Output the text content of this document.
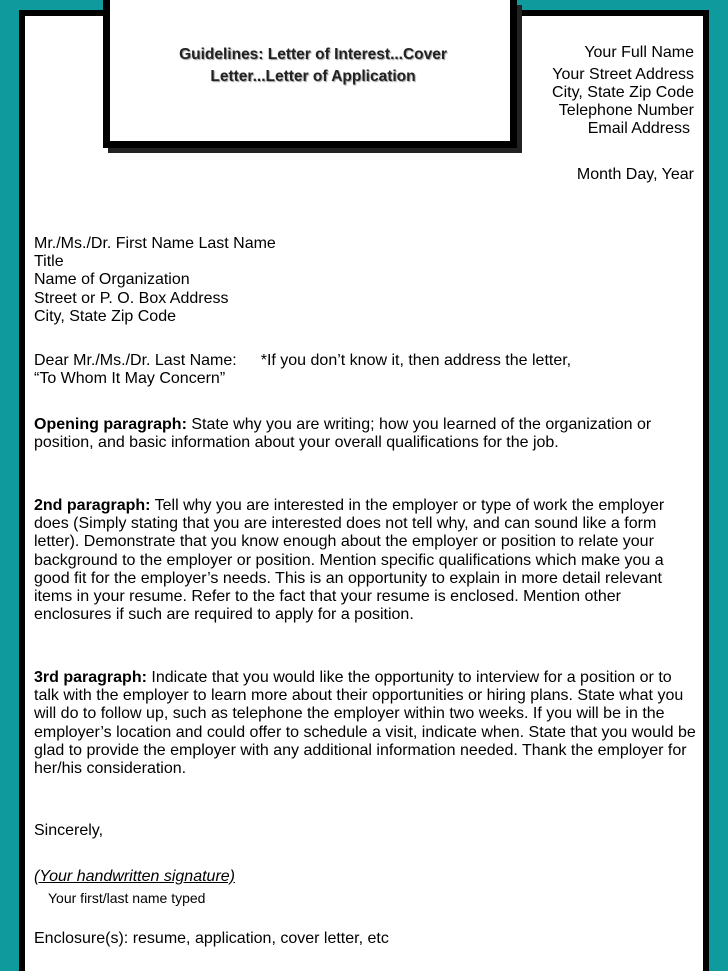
Guidelines: Letter of Interest...Cover Letter...Letter of Application
Your Full Name
Your Street Address
City, State Zip Code
Telephone Number
Email Address
Month Day, Year
Mr./Ms./Dr. First Name Last Name
Title
Name of Organization
Street or P. O. Box Address
City, State Zip Code
Dear Mr./Ms./Dr. Last Name: *If you don’t know it, then address the letter,
“To Whom It May Concern”

Opening paragraph: State why you are writing; how you learned of the organization or position, and basic information about your overall qualifications for the job.

2nd paragraph: Tell why you are interested in the employer or type of work the employer does (Simply stating that you are interested does not tell why, and can sound like a form letter). Demonstrate that you know enough about the employer or position to relate your background to the employer or position. Mention specific qualifications which make you a good fit for the employer’s needs. This is an opportunity to explain in more detail relevant items in your resume. Refer to the fact that your resume is enclosed. Mention other enclosures if such are required to apply for a position.

3rd paragraph: Indicate that you would like the opportunity to interview for a position or to talk with the employer to learn more about their opportunities or hiring plans. State what you will do to follow up, such as telephone the employer within two weeks. If you will be in the employer’s location and could offer to schedule a visit, indicate when. State that you would be glad to provide the employer with any additional information needed. Thank the employer for her/his consideration.

Sincerely,
(Your handwritten signature)
Your first/last name typed
Enclosure(s): resume, application, cover letter, etc
